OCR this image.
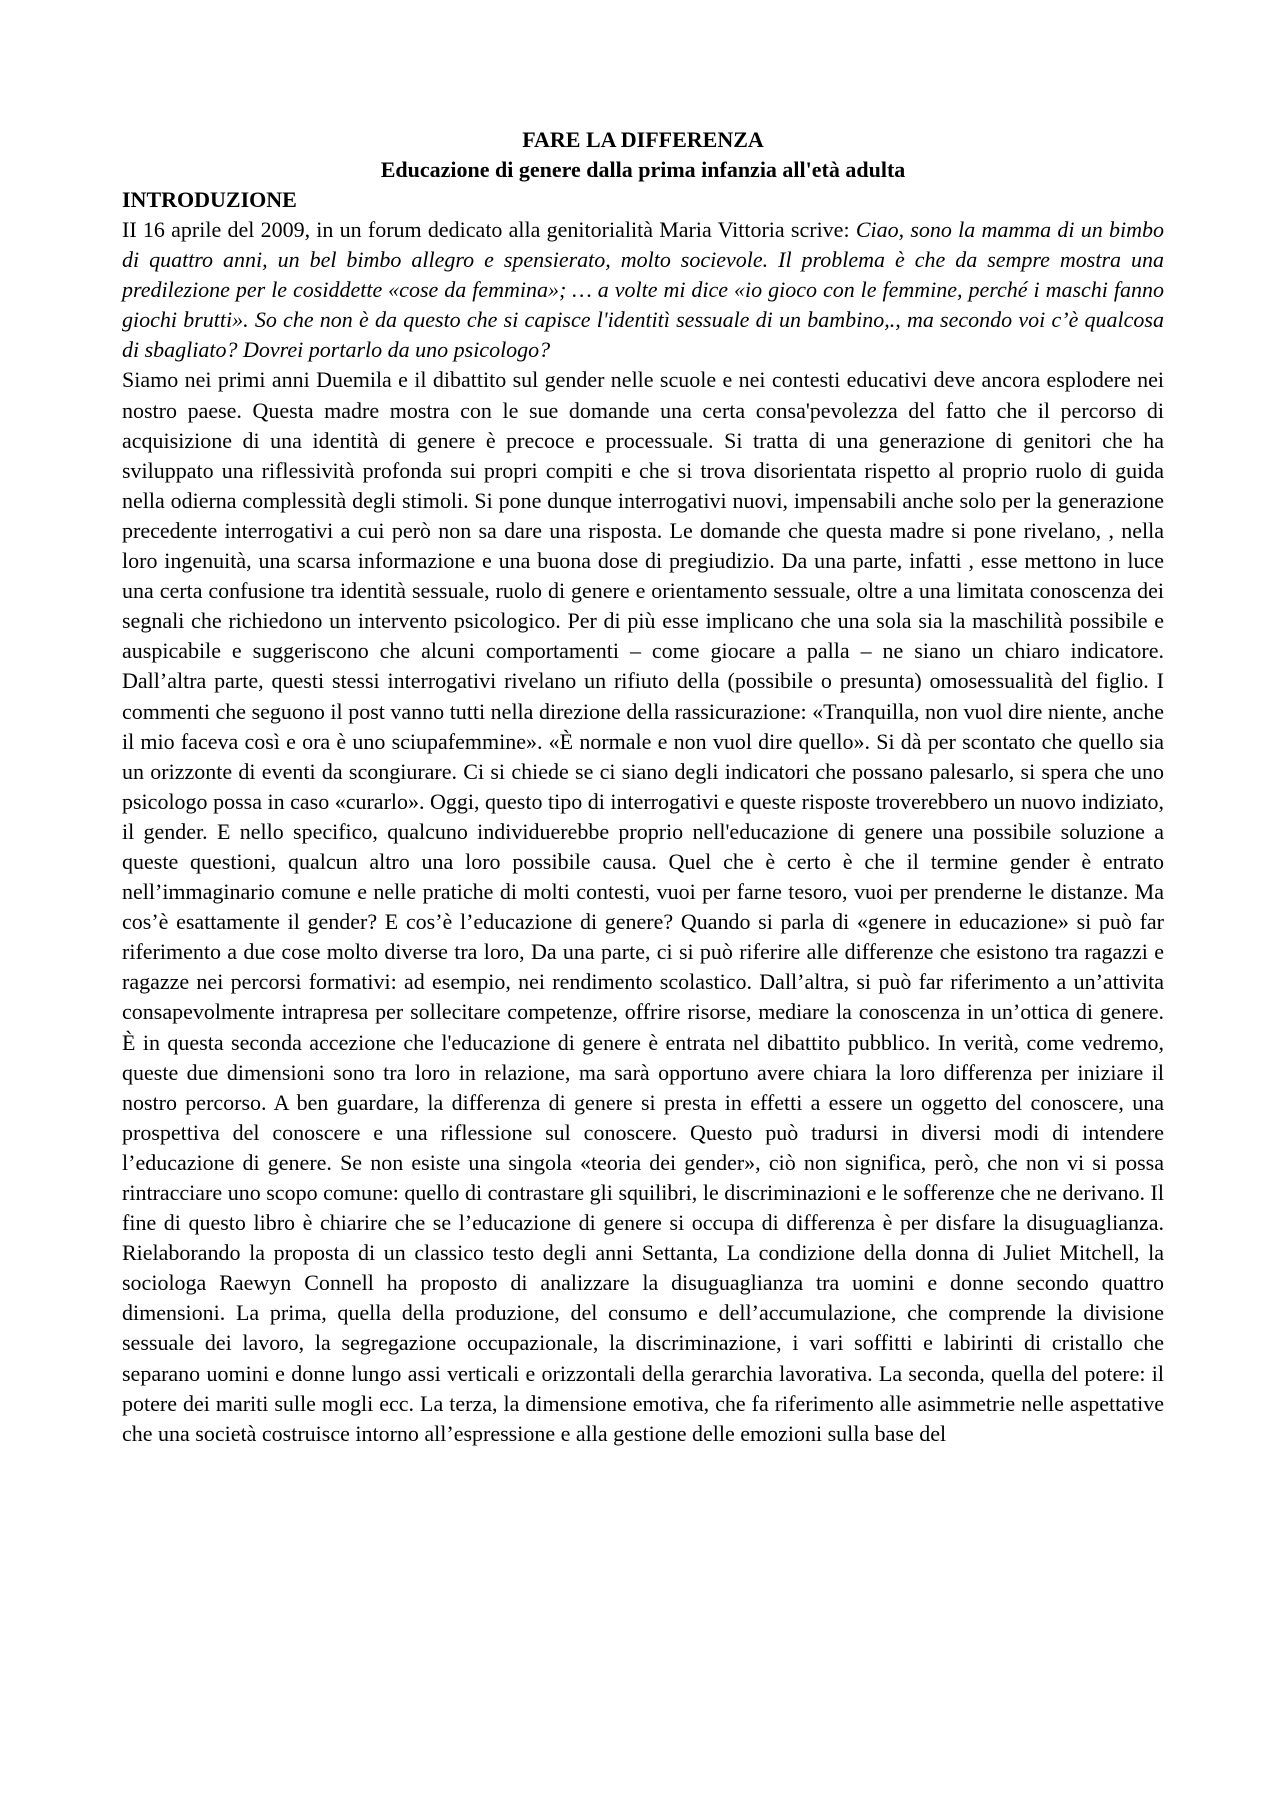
FARE LA DIFFERENZA

Educazione di genere dalla prima infanzia all'età adulta

INTRODUZIONE

II 16 aprile del 2009, in un forum dedicato alla genitorialità Maria Vittoria scrive: Ciao, sono la mamma di un bimbo di quattro anni, un bel bimbo allegro e spensierato, molto socievole. Il problema è che da sempre mostra una predilezione per le cosiddette «cose da femmina»; … a volte mi dice «io gioco con le femmine, perché i maschi fanno giochi brutti». So che non è da questo che si capisce l'identitì sessuale di un bambino,., ma secondo voi c’è qualcosa di sbagliato? Dovrei portarlo da uno psicologo?

Siamo nei primi anni Duemila e il dibattito sul gender nelle scuole e nei contesti educativi deve ancora esplodere nei nostro paese. Questa madre mostra con le sue domande una certa consa'pevolezza del fatto che il percorso di acquisizione di una identità di genere è precoce e processuale. Si tratta di una generazione di genitori che ha sviluppato una riflessività profonda sui propri compiti e che si trova disorientata rispetto al proprio ruolo di guida nella odierna complessità degli stimoli. Si pone dunque interrogativi nuovi, impensabili anche solo per la generazione precedente interrogativi a cui però non sa dare una risposta. Le domande che questa madre si pone rivelano, , nella loro ingenuità, una scarsa informazione e una buona dose di pregiudizio. Da una parte, infatti , esse mettono in luce una certa confusione tra identità sessuale, ruolo di genere e orientamento sessuale, oltre a una limitata conoscenza dei segnali che richiedono un intervento psicologico. Per di più esse implicano che una sola sia la maschilità possibile e auspicabile e suggeriscono che alcuni comportamenti – come giocare a palla – ne siano un chiaro indicatore. Dall’altra parte, questi stessi interrogativi rivelano un rifiuto della (possibile o presunta) omosessualità del figlio. I commenti che seguono il post vanno tutti nella direzione della rassicurazione: «Tranquilla, non vuol dire niente, anche il mio faceva così e ora è uno sciupafemmine». «È normale e non vuol dire quello». Si dà per scontato che quello sia un orizzonte di eventi da scongiurare. Ci si chiede se ci siano degli indicatori che possano palesarlo, si spera che uno psicologo possa in caso «curarlo». Oggi, questo tipo di interrogativi e queste risposte troverebbero un nuovo indiziato, il gender. E nello specifico, qualcuno individuerebbe proprio nell'educazione di genere una possibile soluzione a queste questioni, qualcun altro una loro possibile causa. Quel che è certo è che il termine gender è entrato nell’immaginario comune e nelle pratiche di molti contesti, vuoi per farne tesoro, vuoi per prenderne le distanze. Ma cos’è esattamente il gender? E cos’è l’educazione di genere? Quando si parla di «genere in educazione» si può far riferimento a due cose molto diverse tra loro, Da una parte, ci si può riferire alle differenze che esistono tra ragazzi e ragazze nei percorsi formativi: ad esempio, nei rendimento scolastico. Dall’altra, si può far riferimento a un’attivita consapevolmente intrapresa per sollecitare competenze, offrire risorse, mediare la conoscenza in un’ottica di genere. È in questa seconda accezione che l'educazione di genere è entrata nel dibattito pubblico. In verità, come vedremo, queste due dimensioni sono tra loro in relazione, ma sarà opportuno avere chiara la loro differenza per iniziare il nostro percorso. A ben guardare, la differenza di genere si presta in effetti a essere un oggetto del conoscere, una prospettiva del conoscere e una riflessione sul conoscere. Questo può tradursi in diversi modi di intendere l’educazione di genere. Se non esiste una singola «teoria dei gender», ciò non significa, però, che non vi si possa rintracciare uno scopo comune: quello di contrastare gli squilibri, le discriminazioni e le sofferenze che ne derivano. Il fine di questo libro è chiarire che se l’educazione di genere si occupa di differenza è per disfare la disuguaglianza. Rielaborando la proposta di un classico testo degli anni Settanta, La condizione della donna di Juliet Mitchell, la sociologa Raewyn Connell ha proposto di analizzare la disuguaglianza tra uomini e donne secondo quattro dimensioni. La prima, quella della produzione, del consumo e dell’accumulazione, che comprende la divisione sessuale dei lavoro, la segregazione occupazionale, la discriminazione, i vari soffitti e labirinti di cristallo che separano uomini e donne lungo assi verticali e orizzontali della gerarchia lavorativa. La seconda, quella del potere: il potere dei mariti sulle mogli ecc. La terza, la dimensione emotiva, che fa riferimento alle asimmetrie nelle aspettative che una società costruisce intorno all’espressione e alla gestione delle emozioni sulla base del
